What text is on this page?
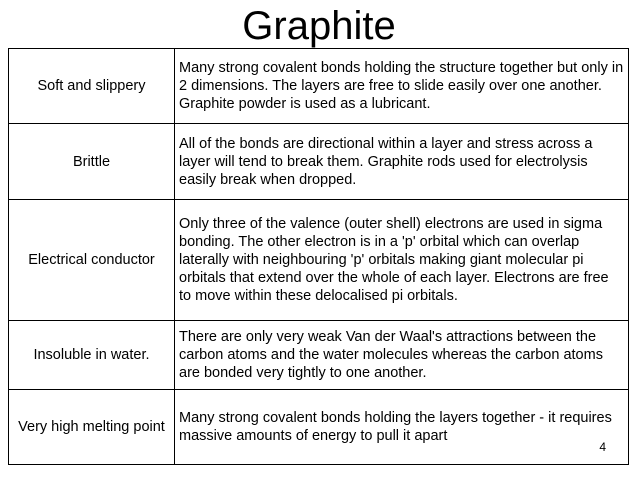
Graphite
Soft and slippery	Many strong covalent bonds holding the structure together but only in 2 dimensions. The layers are free to slide easily over one another. Graphite powder is used as a lubricant.
Brittle	All of the bonds are directional within a layer and stress across a layer will tend to break them. Graphite rods used for electrolysis easily break when dropped.
Electrical conductor	Only three of the valence (outer shell) electrons are used in sigma bonding. The other electron is in a 'p' orbital which can overlap laterally with neighbouring 'p' orbitals making giant molecular pi orbitals that extend over the whole of each layer. Electrons are free to move within these delocalised pi orbitals.
Insoluble in water.	There are only very weak Van der Waal's attractions between the carbon atoms and the water molecules whereas the carbon atoms are bonded very tightly to one another.
Very high melting point	Many strong covalent bonds holding the layers together - it requires massive amounts of energy to pull it apart
4
